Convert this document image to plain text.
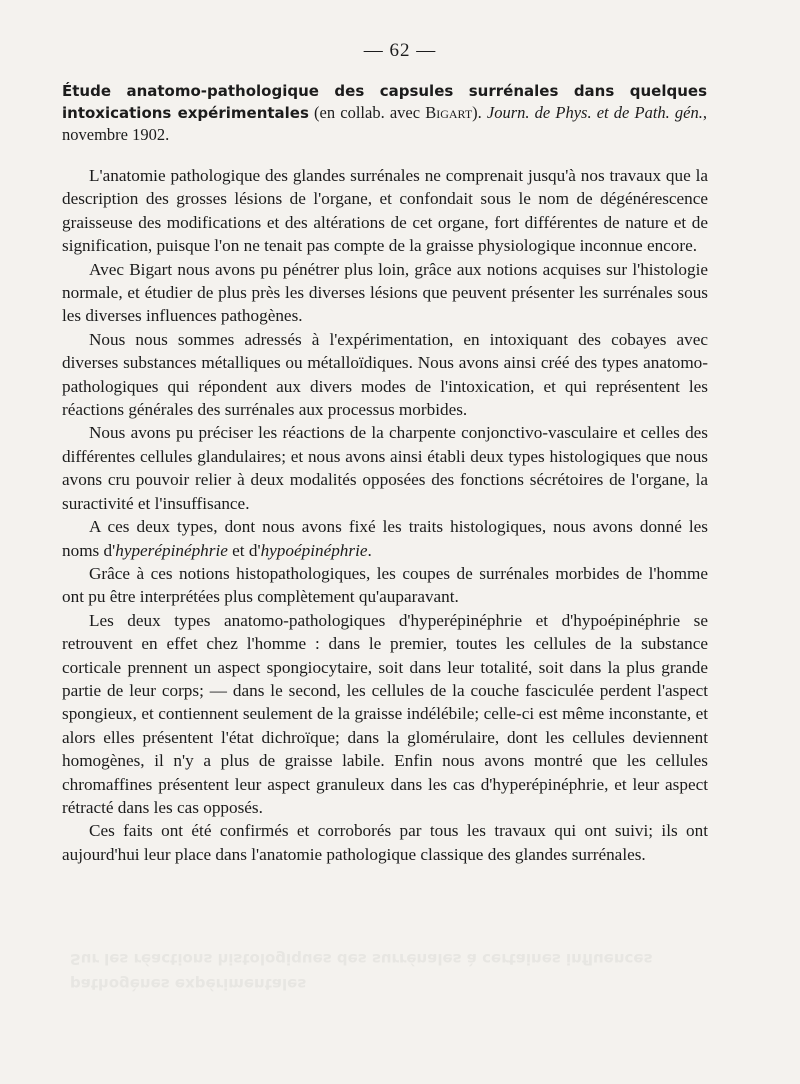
Sur les réactions histologiques des surrénales à certaines influences
pathogènes expérimentales
— 62 —
Étude anatomo-pathologique des capsules surrénales dans quelques intoxications expérimentales (en collab. avec Bigart). Journ. de Phys. et de Path. gén., novembre 1902.

L'anatomie pathologique des glandes surrénales ne comprenait jusqu'à nos travaux que la description des grosses lésions de l'organe, et confondait sous le nom de dégénérescence graisseuse des modifications et des altérations de cet organe, fort différentes de nature et de signification, puisque l'on ne tenait pas compte de la graisse physiologique inconnue encore.

Avec Bigart nous avons pu pénétrer plus loin, grâce aux notions acquises sur l'histologie normale, et étudier de plus près les diverses lésions que peuvent présenter les surrénales sous les diverses influences pathogènes.

Nous nous sommes adressés à l'expérimentation, en intoxiquant des cobayes avec diverses substances métalliques ou métalloïdiques. Nous avons ainsi créé des types anatomo-pathologiques qui répondent aux divers modes de l'intoxication, et qui représentent les réactions générales des surrénales aux processus morbides.

Nous avons pu préciser les réactions de la charpente conjonctivo-vasculaire et celles des différentes cellules glandulaires; et nous avons ainsi établi deux types histologiques que nous avons cru pouvoir relier à deux modalités opposées des fonctions sécrétoires de l'organe, la suractivité et l'insuffisance.

A ces deux types, dont nous avons fixé les traits histologiques, nous avons donné les noms d'hyperépinéphrie et d'hypoépinéphrie.

Grâce à ces notions histopathologiques, les coupes de surrénales morbides de l'homme ont pu être interprétées plus complètement qu'auparavant.

Les deux types anatomo-pathologiques d'hyperépinéphrie et d'hypoépinéphrie se retrouvent en effet chez l'homme : dans le premier, toutes les cellules de la substance corticale prennent un aspect spongiocytaire, soit dans leur totalité, soit dans la plus grande partie de leur corps; — dans le second, les cellules de la couche fasciculée perdent l'aspect spongieux, et contiennent seulement de la graisse indélébile; celle-ci est même inconstante, et alors elles présentent l'état dichroïque; dans la glomérulaire, dont les cellules deviennent homogènes, il n'y a plus de graisse labile. Enfin nous avons montré que les cellules chromaffines présentent leur aspect granuleux dans les cas d'hyperépinéphrie, et leur aspect rétracté dans les cas opposés.

Ces faits ont été confirmés et corroborés par tous les travaux qui ont suivi; ils ont aujourd'hui leur place dans l'anatomie pathologique classique des glandes surrénales.
